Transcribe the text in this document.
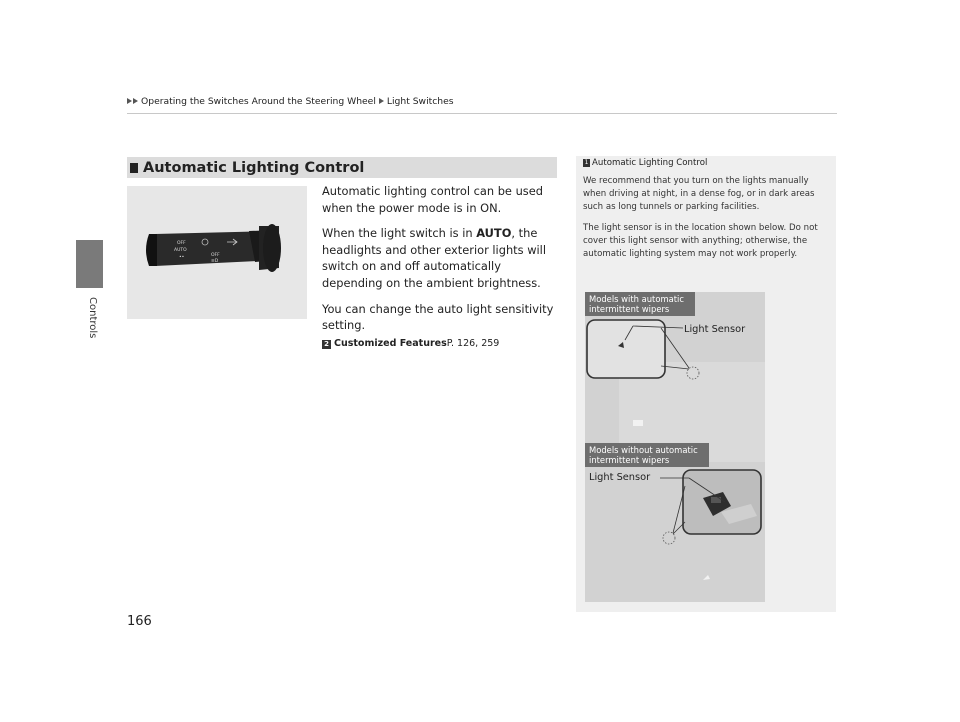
Operating the Switches Around the Steering Wheel Light Switches
Controls
Automatic Lighting Control
OFF
AUTO
••	OFF
≡D

Automatic lighting control can be used when the power mode is in ON.

When the light switch is in AUTO, the headlights and other exterior lights will switch on and off automatically depending on the ambient brightness.

You can change the auto light sensitivity setting.

2 Customized Features P. 126, 259
1 Automatic Lighting Control

We recommend that you turn on the lights manually when driving at night, in a dense fog, or in dark areas such as long tunnels or parking facilities.

The light sensor is in the location shown below. Do not cover this light sensor with anything; otherwise, the automatic lighting system may not work properly.

Models with automatic intermittent wipers
Light Sensor
Models without automatic intermittent wipers
Light Sensor
166
